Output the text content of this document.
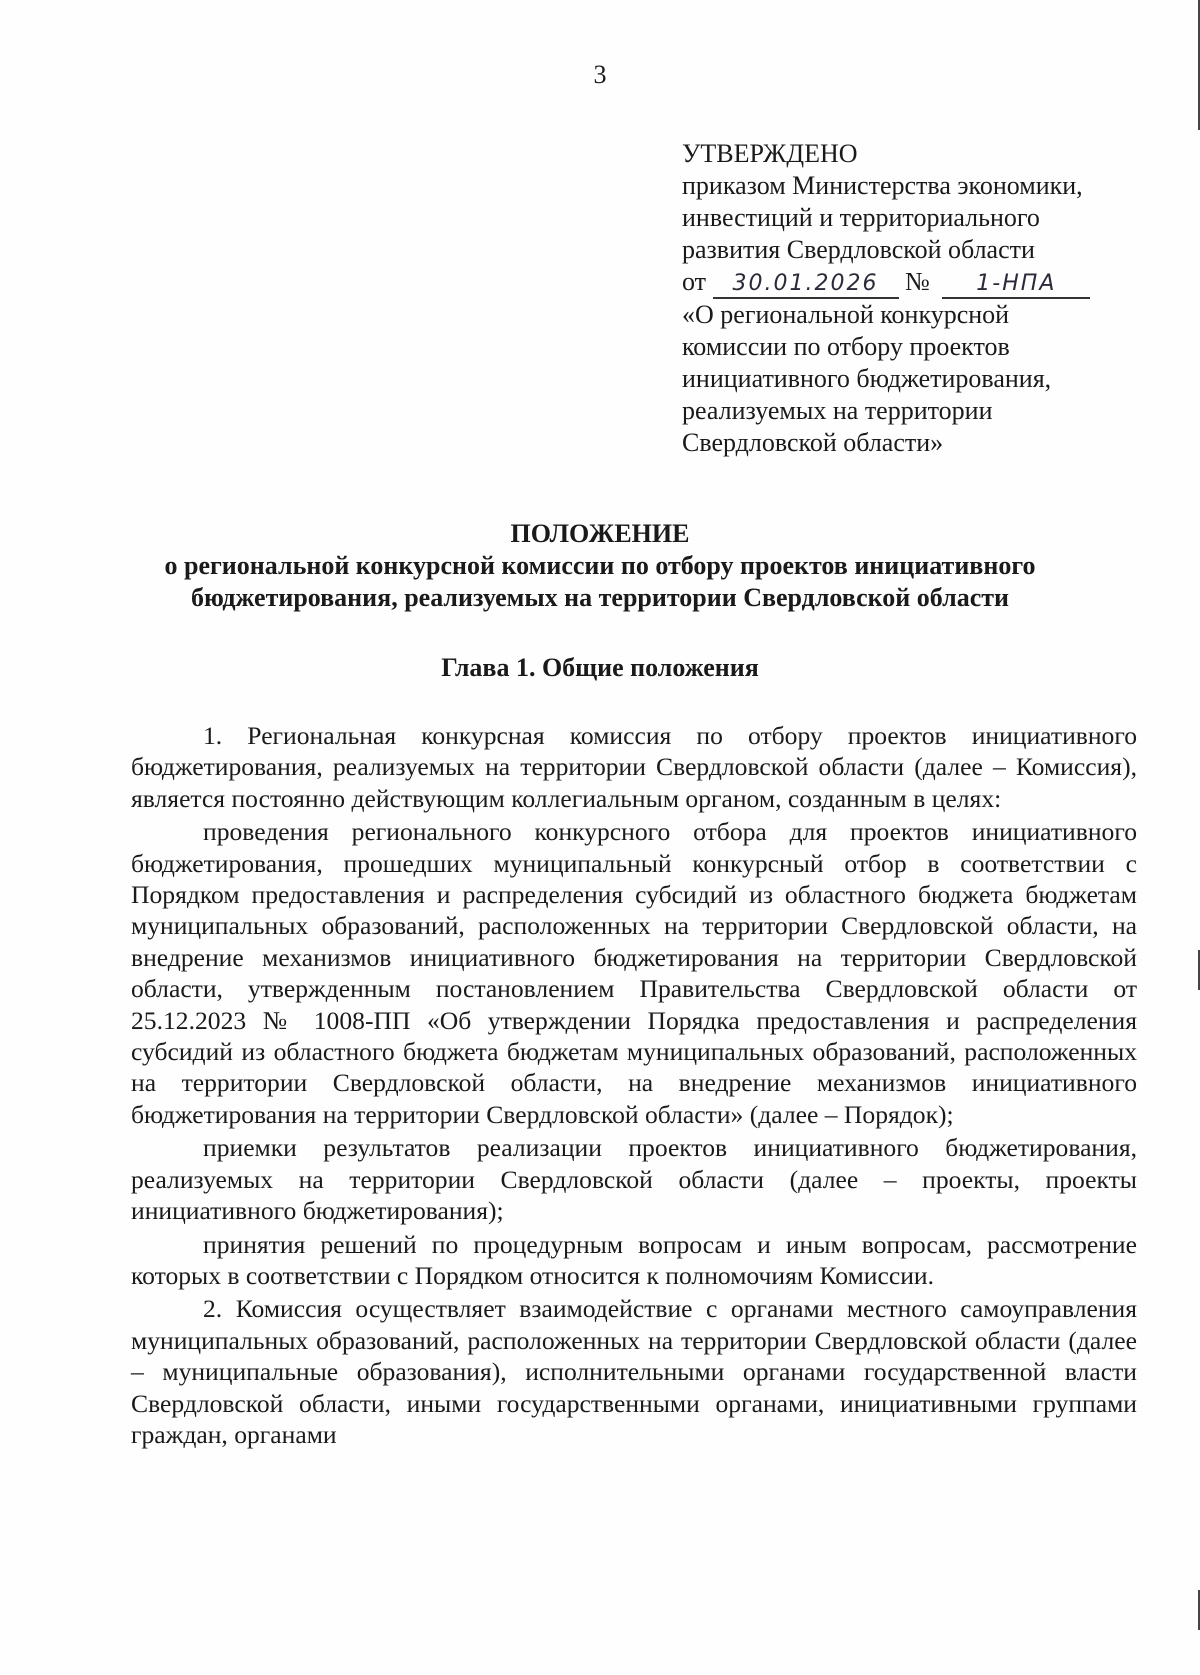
3
УТВЕРЖДЕНО
приказом Министерства экономики,
инвестиций и территориального
развития Свердловской области
от 30.01.2026 № 1-НПА
«О региональной конкурсной
комиссии по отбору проектов
инициативного бюджетирования,
реализуемых на территории
Свердловской области»
ПОЛОЖЕНИЕ
о региональной конкурсной комиссии по отбору проектов инициативного
бюджетирования, реализуемых на территории Свердловской области
Глава 1. Общие положения

1. Региональная конкурсная комиссия по отбору проектов инициативного бюджетирования, реализуемых на территории Свердловской области (далее – Комиссия), является постоянно действующим коллегиальным органом, созданным в целях:

проведения регионального конкурсного отбора для проектов инициативного бюджетирования, прошедших муниципальный конкурсный отбор в соответствии с Порядком предоставления и распределения субсидий из областного бюджета бюджетам муниципальных образований, расположенных на территории Свердловской области, на внедрение механизмов инициативного бюджетирования на территории Свердловской области, утвержденным постановлением Правительства Свердловской области от 25.12.2023 № 1008-ПП «Об утверждении Порядка предоставления и распределения субсидий из областного бюджета бюджетам муниципальных образований, расположенных на территории Свердловской области, на внедрение механизмов инициативного бюджетирования на территории Свердловской области» (далее – Порядок);

приемки результатов реализации проектов инициативного бюджетирования, реализуемых на территории Свердловской области (далее – проекты, проекты инициативного бюджетирования);

принятия решений по процедурным вопросам и иным вопросам, рассмотрение которых в соответствии с Порядком относится к полномочиям Комиссии.

2. Комиссия осуществляет взаимодействие с органами местного самоуправления муниципальных образований, расположенных на территории Свердловской области (далее – муниципальные образования), исполнительными органами государственной власти Свердловской области, иными государственными органами, инициативными группами граждан, органами
